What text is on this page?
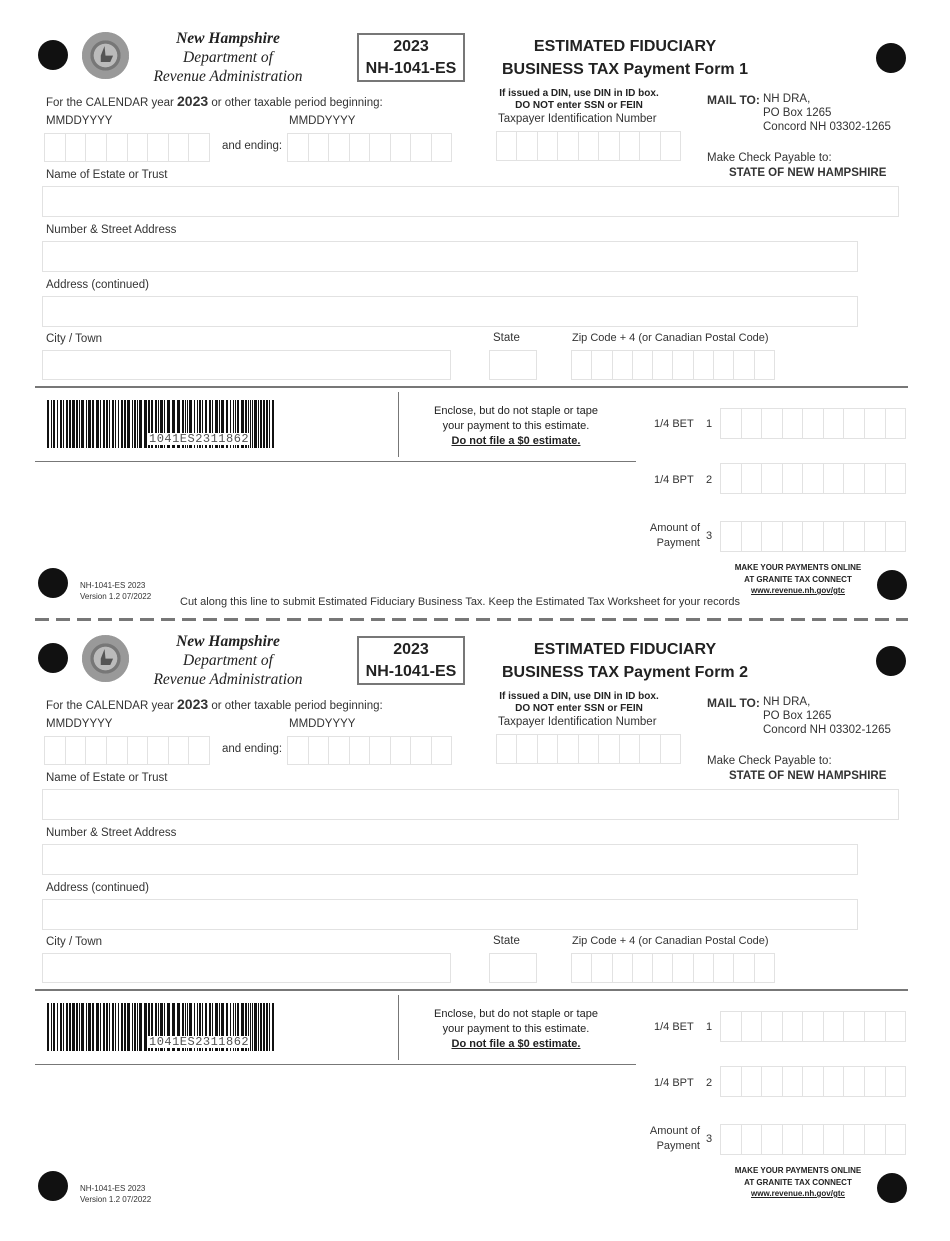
New Hampshire
Department of
Revenue Administration
2023
NH-1041-ES
ESTIMATED FIDUCIARY
BUSINESS TAX Payment Form 1
For the CALENDAR year 2023 or other taxable period beginning:
MMDDYYYY	MMDDYYYY
and ending:
If issued a DIN, use DIN in ID box.
DO NOT enter SSN or FEIN
Taxpayer Identification Number
MAIL TO: NH DRA,
PO Box 1265
Concord NH 03302-1265
Make Check Payable to:
STATE OF NEW HAMPSHIRE
Name of Estate or Trust
Number & Street Address
Address (continued)
City / Town	State	Zip Code + 4 (or Canadian Postal Code)
1041ES2311862
Enclose, but do not staple or tape
your payment to this estimate.
Do not file a $0 estimate.
1/4 BET 1
1/4 BPT 2
Amount of
Payment
3
NH-1041-ES 2023
Version 1.2 07/2022
MAKE YOUR PAYMENTS ONLINE
AT GRANITE TAX CONNECT
www.revenue.nh.gov/gtc
New Hampshire
Department of
Revenue Administration
2023
NH-1041-ES
ESTIMATED FIDUCIARY
BUSINESS TAX Payment Form 2
For the CALENDAR year 2023 or other taxable period beginning:
MMDDYYYY	MMDDYYYY
and ending:
If issued a DIN, use DIN in ID box.
DO NOT enter SSN or FEIN
Taxpayer Identification Number
MAIL TO: NH DRA,
PO Box 1265
Concord NH 03302-1265
Make Check Payable to:
STATE OF NEW HAMPSHIRE
Name of Estate or Trust
Number & Street Address
Address (continued)
City / Town	State	Zip Code + 4 (or Canadian Postal Code)
1041ES2311862
Enclose, but do not staple or tape
your payment to this estimate.
Do not file a $0 estimate.
1/4 BET 1
1/4 BPT 2
Amount of
Payment
3
NH-1041-ES 2023
Version 1.2 07/2022
MAKE YOUR PAYMENTS ONLINE
AT GRANITE TAX CONNECT
www.revenue.nh.gov/gtc
Cut along this line to submit Estimated Fiduciary Business Tax. Keep the Estimated Tax Worksheet for your records
